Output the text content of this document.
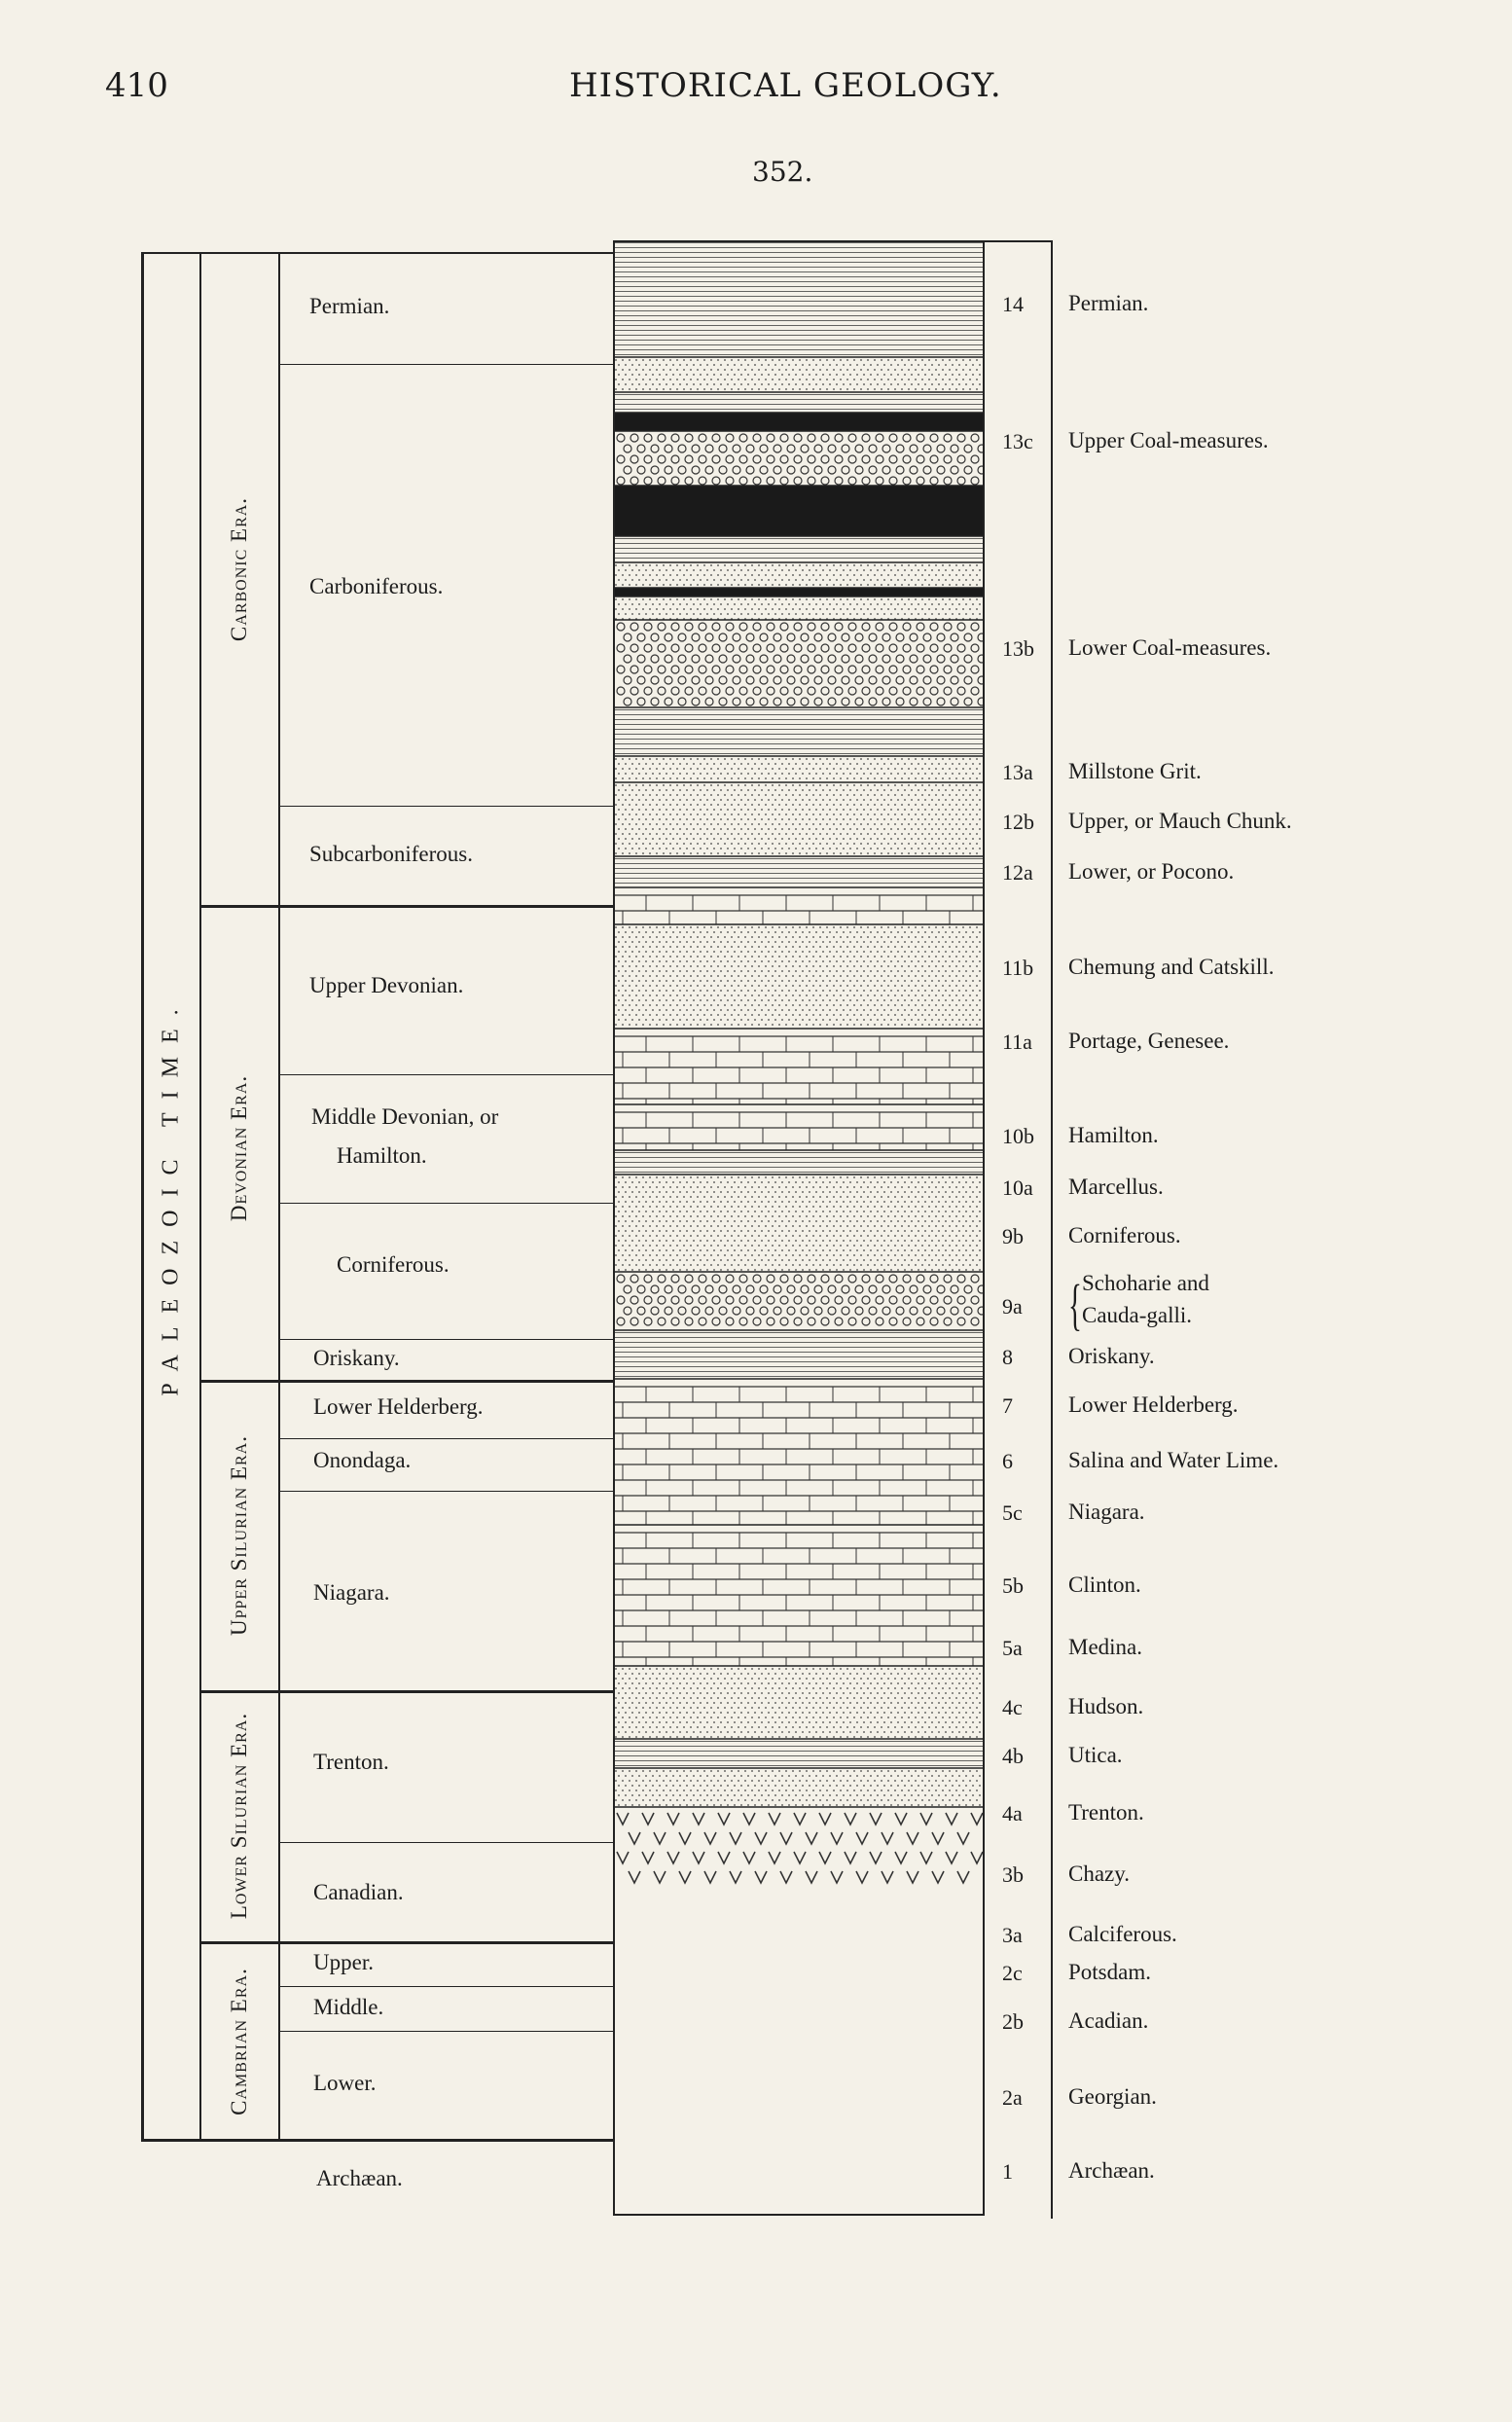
410	HISTORICAL GEOLOGY.
352.
PALEOZOIC TIME.
Carbonic Era.
Devonian Era.
Upper Silurian Era.
Lower Silurian Era.
Cambrian Era.
Permian.
Carboniferous.
Subcarboniferous.
Upper Devonian.
Middle Devonian, or
Hamilton.
Corniferous.
Oriskany.
Lower Helderberg.
Onondaga.
Niagara.
Trenton.
Canadian.
Upper.
Middle.
Lower.
Archæan.
14 Permian.
13c Upper Coal-measures.
13b Lower Coal-measures.
13a Millstone Grit.
12b Upper, or Mauch Chunk.
12a Lower, or Pocono.
11b Chemung and Catskill.
11a Portage, Genesee.
10b Hamilton.
10a Marcellus.
9b Corniferous.
9a { Schoharie and
Cauda-galli.
8 Oriskany.
7 Lower Helderberg.
6 Salina and Water Lime.
5c Niagara.
5b Clinton.
5a Medina.
4c Hudson.
4b Utica.
4a Trenton.
3b Chazy.
3a Calciferous.
2c Potsdam.
2b Acadian.
2a Georgian.
1 Archæan.
